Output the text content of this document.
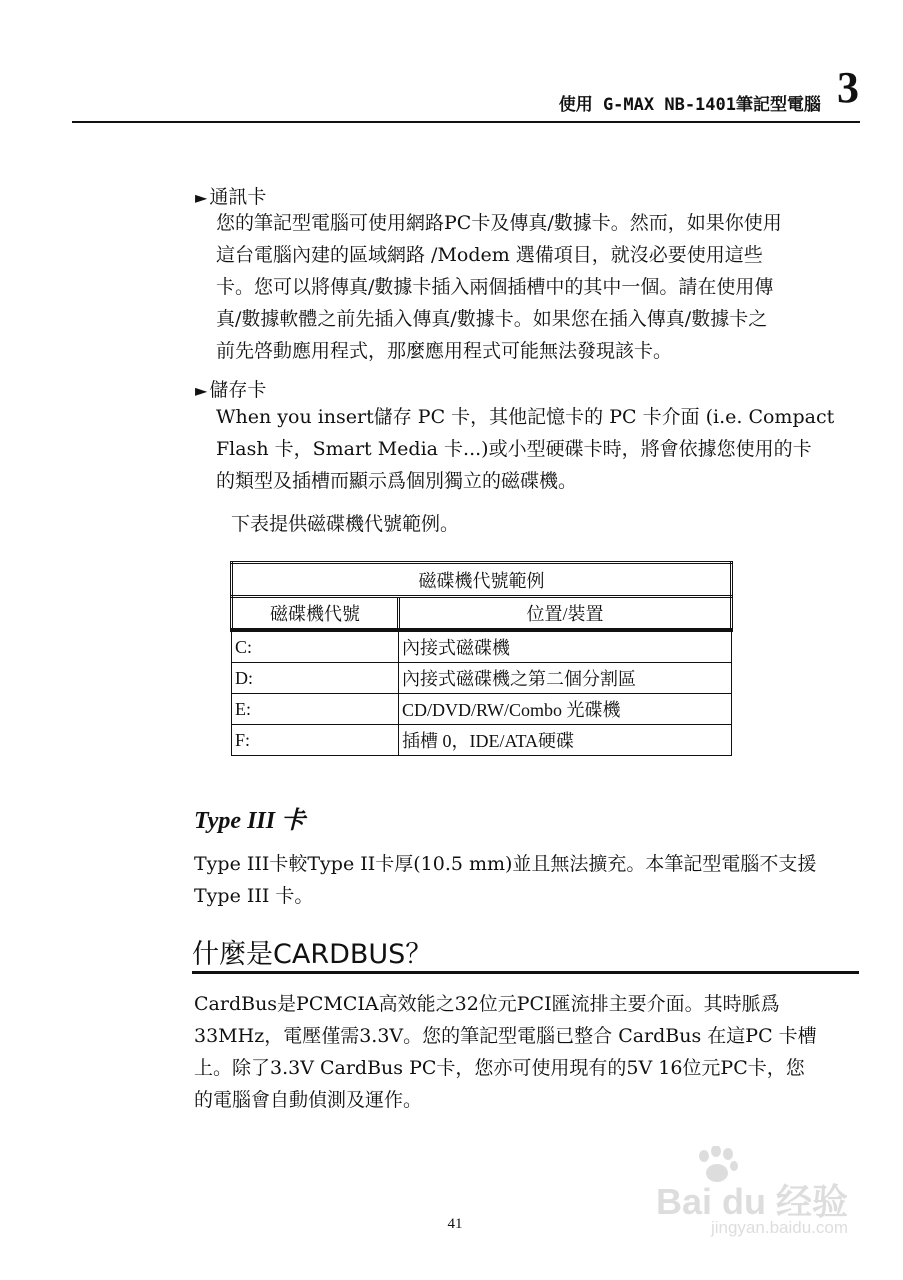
使用 G-MAX NB-1401筆記型電腦 3
► 通訊卡
您的筆記型電腦可使用網路PC卡及傳真/數據卡。然而，如果你使用
這台電腦內建的區域網路 /Modem 選備項目，就沒必要使用這些
卡。您可以將傳真/數據卡插入兩個插槽中的其中一個。請在使用傳
真/數據軟體之前先插入傳真/數據卡。如果您在插入傳真/數據卡之
前先啓動應用程式，那麼應用程式可能無法發現該卡。
► 儲存卡
When you insert儲存 PC 卡，其他記憶卡的 PC 卡介面 (i.e. Compact
Flash 卡，Smart Media 卡...)或小型硬碟卡時，將會依據您使用的卡
的類型及插槽而顯示爲個別獨立的磁碟機。
下表提供磁碟機代號範例。
磁碟機代號範例	
磁碟機代號	位置/裝置
C:	內接式磁碟機
D:	內接式磁碟機之第二個分割區
E:	CD/DVD/RW/Combo 光碟機
F:	插槽 0，IDE/ATA硬碟
Type III 卡
Type III卡較Type II卡厚(10.5 mm)並且無法擴充。本筆記型電腦不支援
Type III 卡。
什麼是CARDBUS？
CardBus是PCMCIA高效能之32位元PCI匯流排主要介面。其時脈爲
33MHz，電壓僅需3.3V。您的筆記型電腦已整合 CardBus 在這PC 卡槽
上。除了3.3V CardBus PC卡，您亦可使用現有的5V 16位元PC卡，您
的電腦會自動偵測及運作。
41
Bai du 经验
jingyan.baidu.com
